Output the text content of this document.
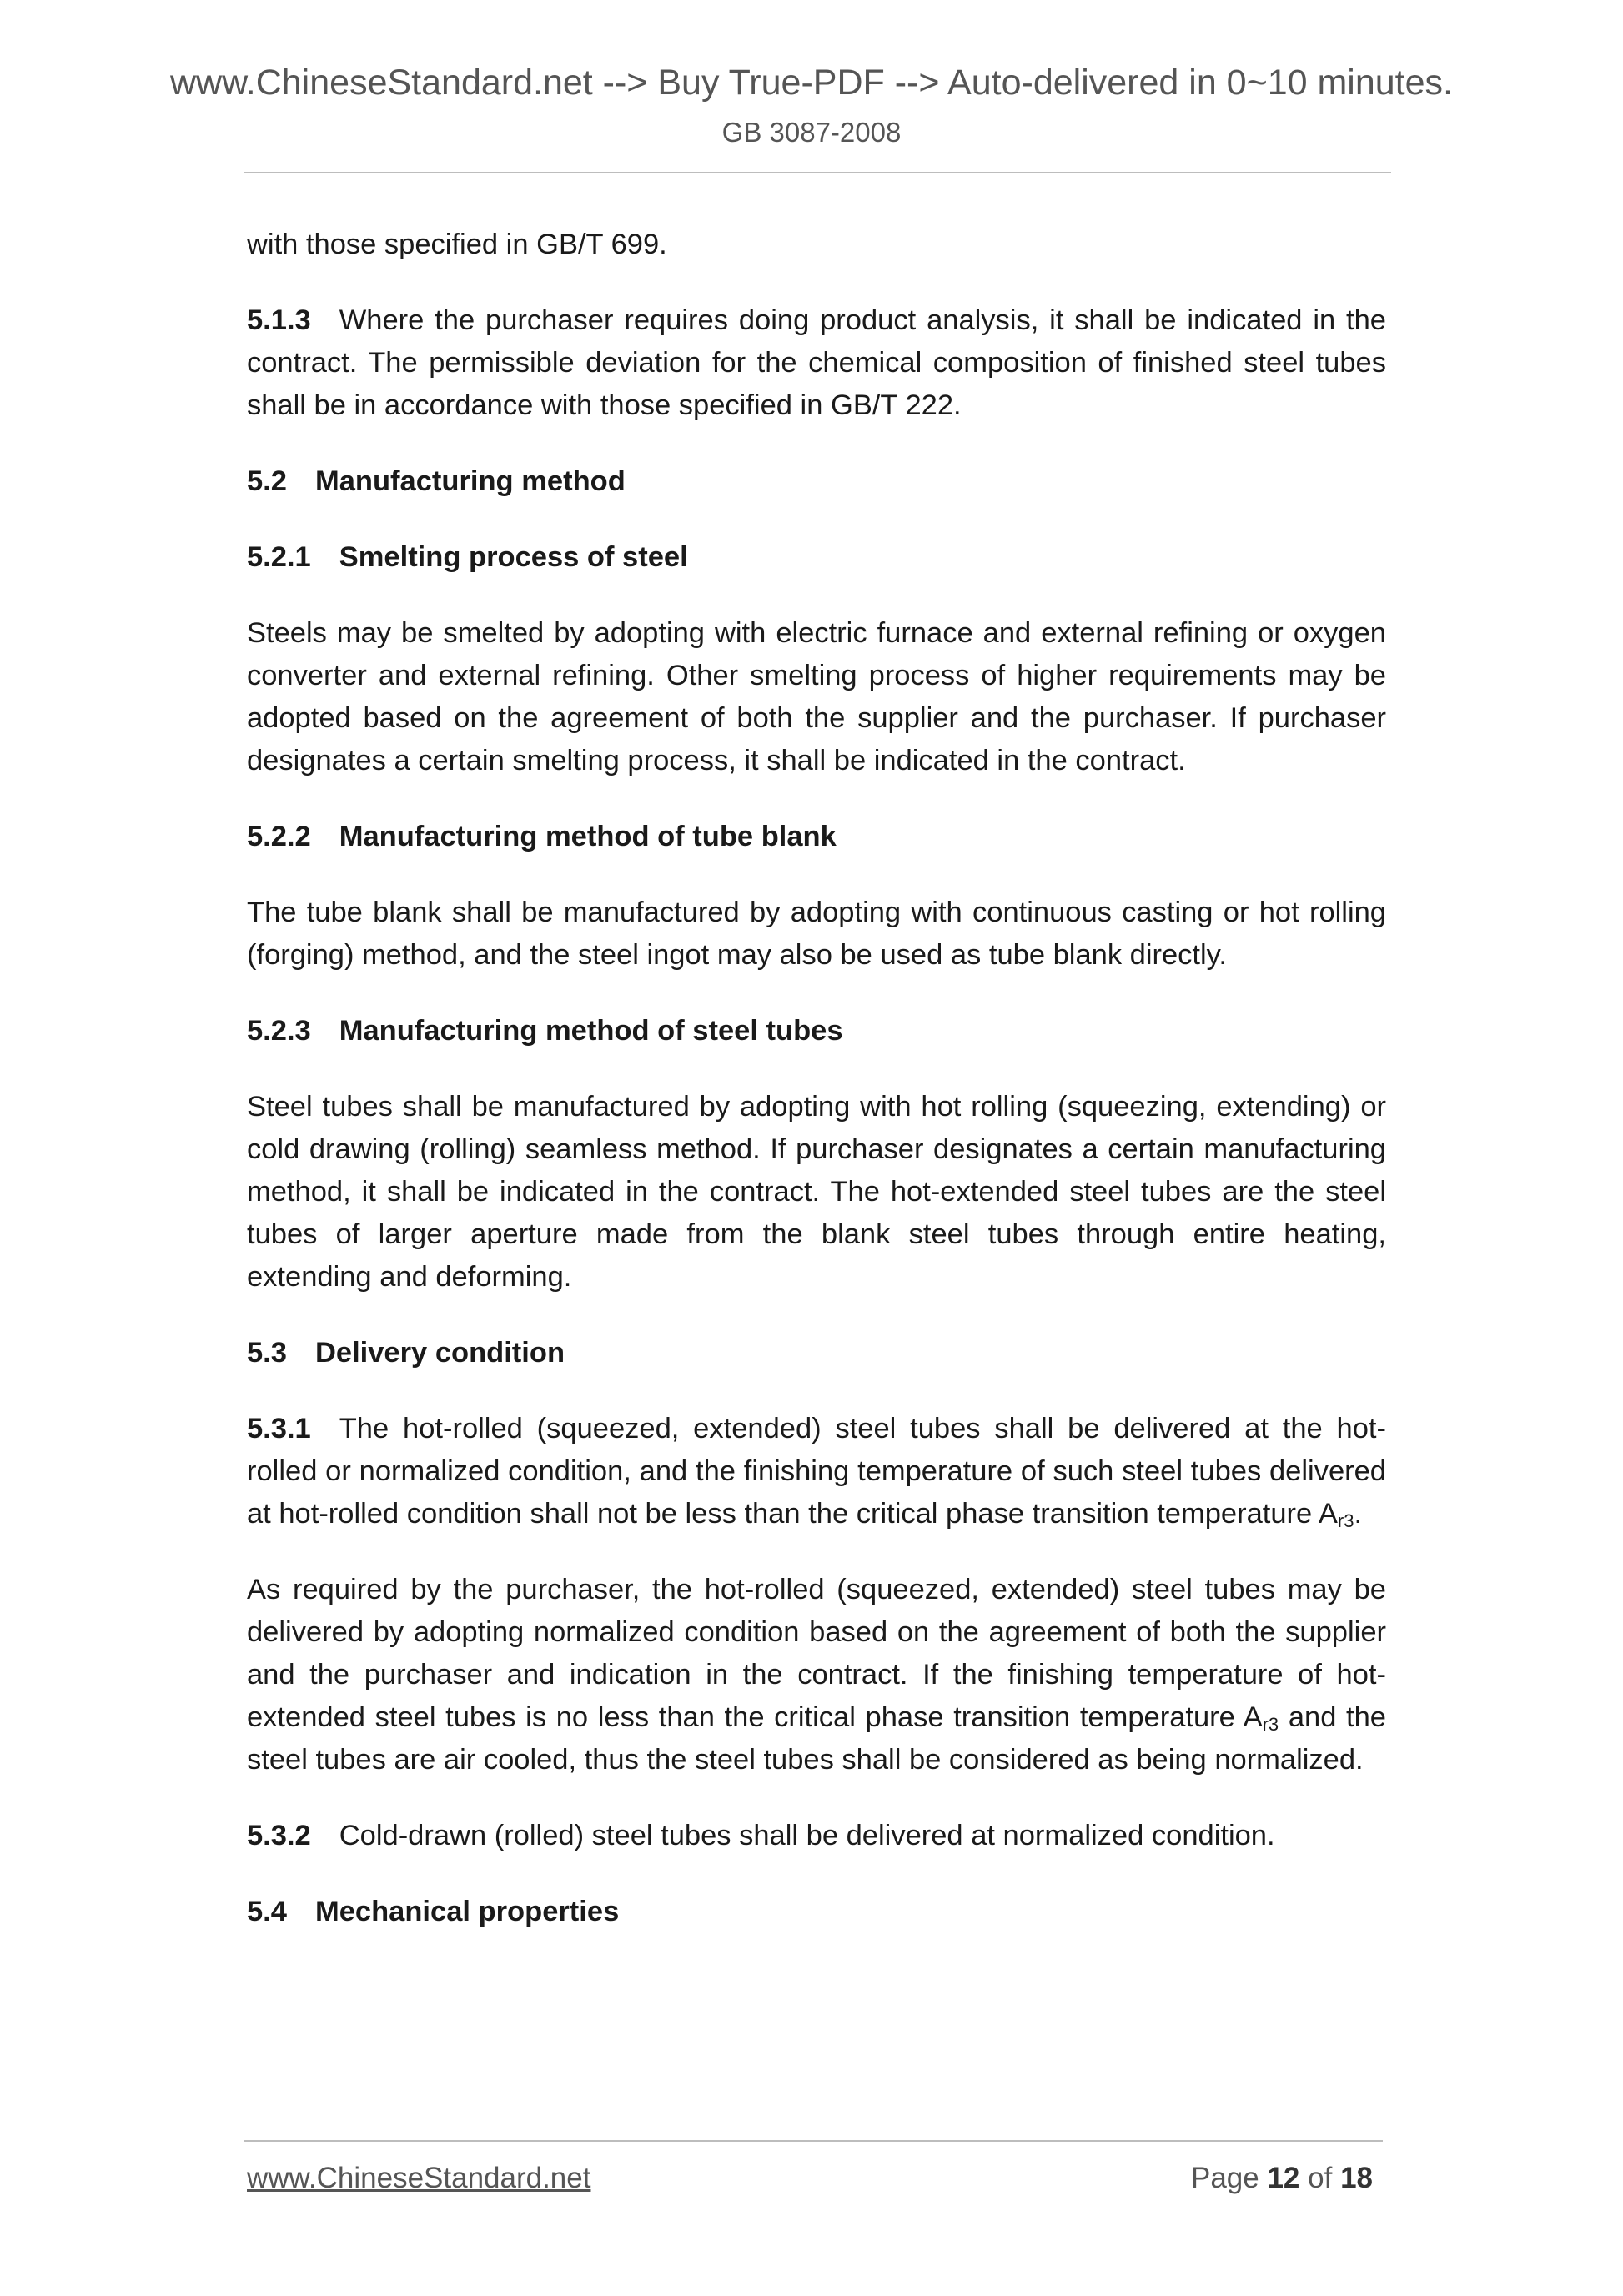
www.ChineseStandard.net --> Buy True-PDF --> Auto-delivered in 0~10 minutes.
GB 3087-2008

with those specified in GB/T 699.

5.1.3 Where the purchaser requires doing product analysis, it shall be indicated in the contract. The permissible deviation for the chemical composition of finished steel tubes shall be in accordance with those specified in GB/T 222.

5.2 Manufacturing method
5.2.1 Smelting process of steel

Steels may be smelted by adopting with electric furnace and external refining or oxygen converter and external refining. Other smelting process of higher requirements may be adopted based on the agreement of both the supplier and the purchaser. If purchaser designates a certain smelting process, it shall be indicated in the contract.

5.2.2 Manufacturing method of tube blank

The tube blank shall be manufactured by adopting with continuous casting or hot rolling (forging) method, and the steel ingot may also be used as tube blank directly.

5.2.3 Manufacturing method of steel tubes

Steel tubes shall be manufactured by adopting with hot rolling (squeezing, extending) or cold drawing (rolling) seamless method. If purchaser designates a certain manufacturing method, it shall be indicated in the contract. The hot-extended steel tubes are the steel tubes of larger aperture made from the blank steel tubes through entire heating, extending and deforming.

5.3 Delivery condition

5.3.1 The hot-rolled (squeezed, extended) steel tubes shall be delivered at the hot-rolled or normalized condition, and the finishing temperature of such steel tubes delivered at hot-rolled condition shall not be less than the critical phase transition temperature $A_{r3}$.

As required by the purchaser, the hot-rolled (squeezed, extended) steel tubes may be delivered by adopting normalized condition based on the agreement of both the supplier and the purchaser and indication in the contract. If the finishing temperature of hot-extended steel tubes is no less than the critical phase transition temperature $A_{r3}$ and the steel tubes are air cooled, thus the steel tubes shall be considered as being normalized.

5.3.2 Cold-drawn (rolled) steel tubes shall be delivered at normalized condition.

5.4 Mechanical properties
www.ChineseStandard.net	Page 12 of 18
